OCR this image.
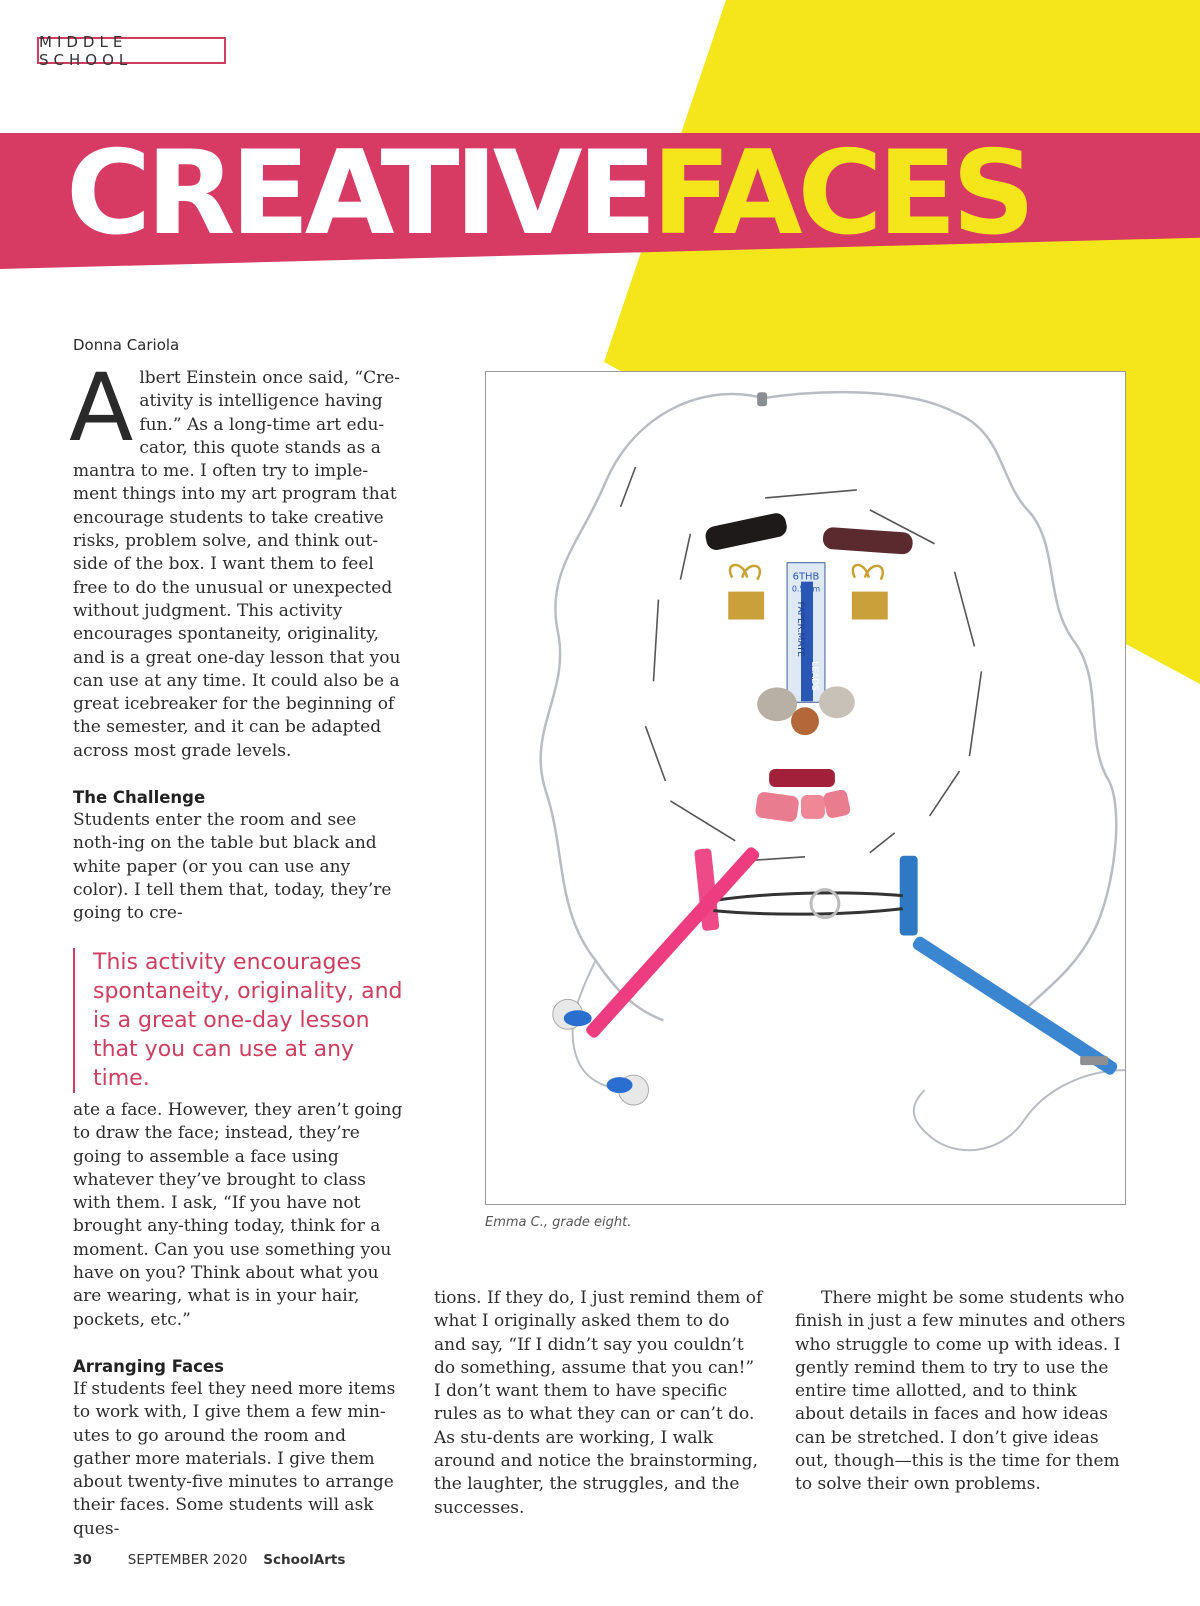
MIDDLE SCHOOL
CREATIVEFACES
Donna Cariola

Albert Einstein once said, “Cre-ativity is intelligence having fun.” As a long-time art edu-cator, this quote stands as a mantra to me. I often try to imple-ment things into my art program that encourage students to take creative risks, problem solve, and think out-side of the box. I want them to feel free to do the unusual or unexpected without judgment. This activity encourages spontaneity, originality, and is a great one-day lesson that you can use at any time. It could also be a great icebreaker for the beginning of the semester, and it can be adapted across most grade levels.

The Challenge

Students enter the room and see noth-ing on the table but black and white paper (or you can use any color). I tell them that, today, they’re going to cre-

This activity encourages spontaneity, originality, and is a great one-day lesson that you can use at any time.

ate a face. However, they aren’t going to draw the face; instead, they’re going to assemble a face using whatever they’ve brought to class with them. I ask, “If you have not brought any-thing today, think for a moment. Can you use something you have on you? Think about what you are wearing, what is in your hair, pockets, etc.”

Arranging Faces

If students feel they need more items to work with, I give them a few min-utes to go around the room and gather more materials. I give them about twenty-five minutes to arrange their faces. Some students will ask ques-

tions. If they do, I just remind them of what I originally asked them to do and say, “If I didn’t say you couldn’t do something, assume that you can!” I don’t want them to have specific rules as to what they can or can’t do. As stu-dents are working, I walk around and notice the brainstorming, the laughter, the struggles, and the successes.

There might be some students who finish in just a few minutes and others who struggle to come up with ideas. I gently remind them to try to use the entire time allotted, and to think about details in faces and how ideas can be stretched. I don’t give ideas out, though—this is the time for them to solve their own problems.

6THB
0.5mm
PAPER:MATE
LEADS
Emma C., grade eight.
30	SEPTEMBER 2020 SchoolArts
